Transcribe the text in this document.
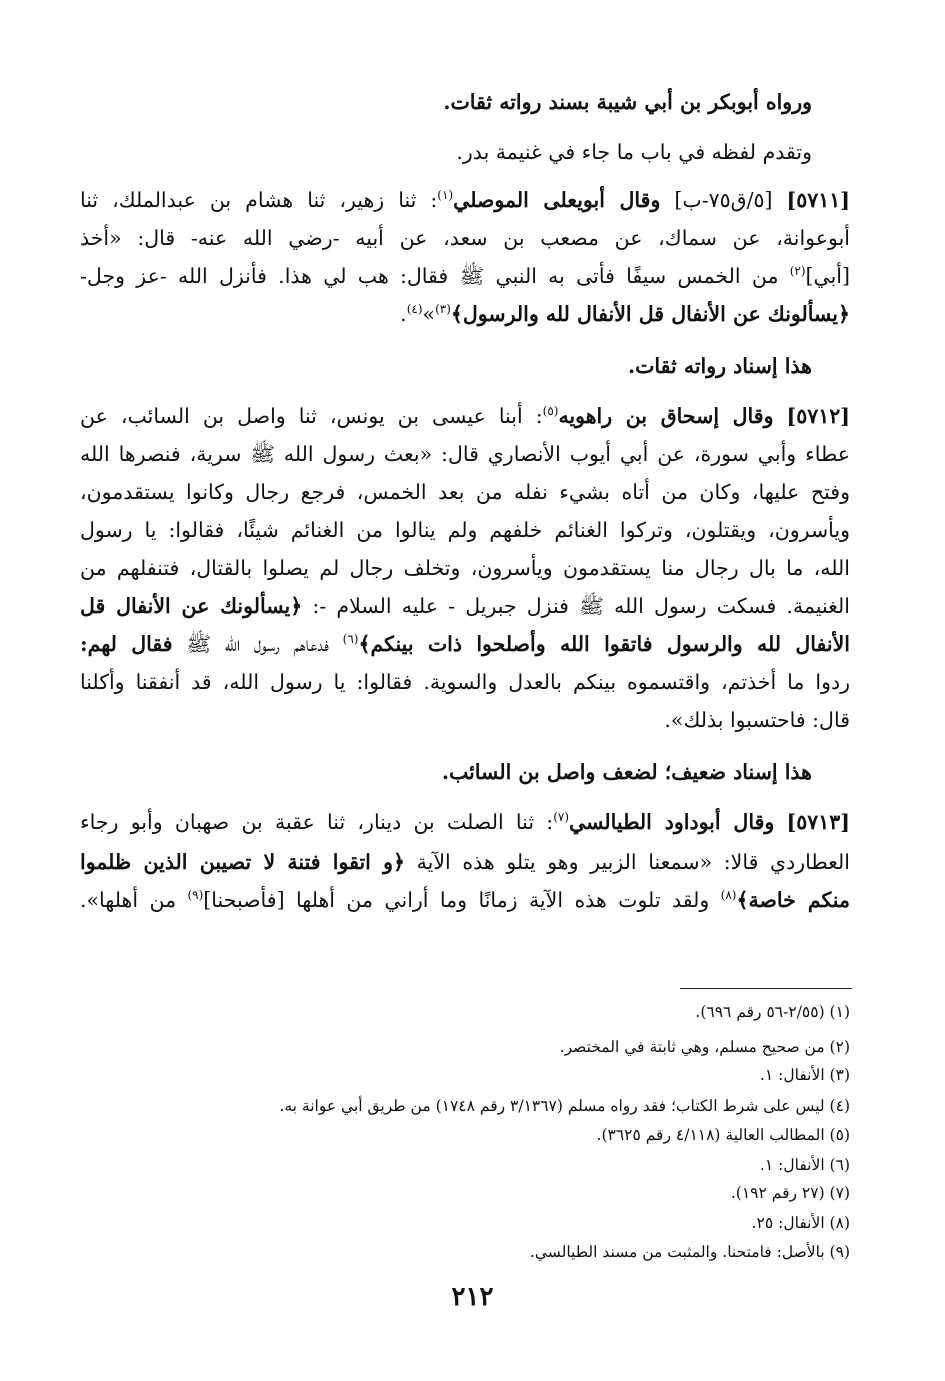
ورواه أبوبكر بن أبي شيبة بسند رواته ثقات.
وتقدم لفظه في باب ما جاء في غنيمة بدر.
[٥٧١١] [٥/ق٧٥-ب] وقال أبويعلى الموصلي$^{(١)}$: ثنا زهير، ثنا هشام بن عبدالملك، ثنا
أبوعوانة، عن سماك، عن مصعب بن سعد، عن أبيه -رضي الله عنه- قال: «أخذ
[أبي]$^{(٢)}$ من الخمس سيفًا فأتى به النبي ﷺ فقال: هب لي هذا. فأنزل الله -عز وجل-
﴿يسألونك عن الأنفال قل الأنفال لله والرسول﴾$^{(٣)}$»$^{(٤)}$.
هذا إسناد رواته ثقات.
[٥٧١٢] وقال إسحاق بن راهويه$^{(٥)}$: أبنا عيسى بن يونس، ثنا واصل بن السائب، عن
عطاء وأبي سورة، عن أبي أيوب الأنصاري قال: «بعث رسول الله ﷺ سرية، فنصرها الله
وفتح عليها، وكان من أتاه بشيء نفله من بعد الخمس، فرجع رجال وكانوا يستقدمون،
ويأسرون، ويقتلون، وتركوا الغنائم خلفهم ولم ينالوا من الغنائم شيئًا، فقالوا: يا رسول
الله، ما بال رجال منا يستقدمون ويأسرون، وتخلف رجال لم يصلوا بالقتال، فتنفلهم من
الغنيمة. فسكت رسول الله ﷺ فنزل جبريل - عليه السلام -: ﴿يسألونك عن الأنفال قل
الأنفال لله والرسول فاتقوا الله وأصلحوا ذات بينكم﴾$^{(٦)}$ فدعاهم رسول الله ﷺ فقال لهم:
ردوا ما أخذتم، واقتسموه بينكم بالعدل والسوية. فقالوا: يا رسول الله، قد أنفقنا وأكلنا
قال: فاحتسبوا بذلك».
هذا إسناد ضعيف؛ لضعف واصل بن السائب.
[٥٧١٣] وقال أبوداود الطيالسي$^{(٧)}$: ثنا الصلت بن دينار، ثنا عقبة بن صهبان وأبو رجاء
العطاردي قالا: «سمعنا الزبير وهو يتلو هذه الآية ﴿و اتقوا فتنة لا تصيبن الذين ظلموا
منكم خاصة﴾$^{(٨)}$ ولقد تلوت هذه الآية زمانًا وما أراني من أهلها [فأصبحنا]$^{(٩)}$ من أهلها».
(١) (٢/٥٥-٥٦ رقم ٦٩٦).
(٢) من صحيح مسلم، وهي ثابتة في المختصر.
(٣) الأنفال: ١.
(٤) ليس على شرط الكتاب؛ فقد رواه مسلم (٣/١٣٦٧ رقم ١٧٤٨) من طريق أبي عوانة به.
(٥) المطالب العالية (٤/١١٨ رقم ٣٦٢٥).
(٦) الأنفال: ١.
(٧) (٢٧ رقم ١٩٢).
(٨) الأنفال: ٢٥.
(٩) بالأصل: فامتحنا. والمثبت من مسند الطيالسي.
٢١٢
